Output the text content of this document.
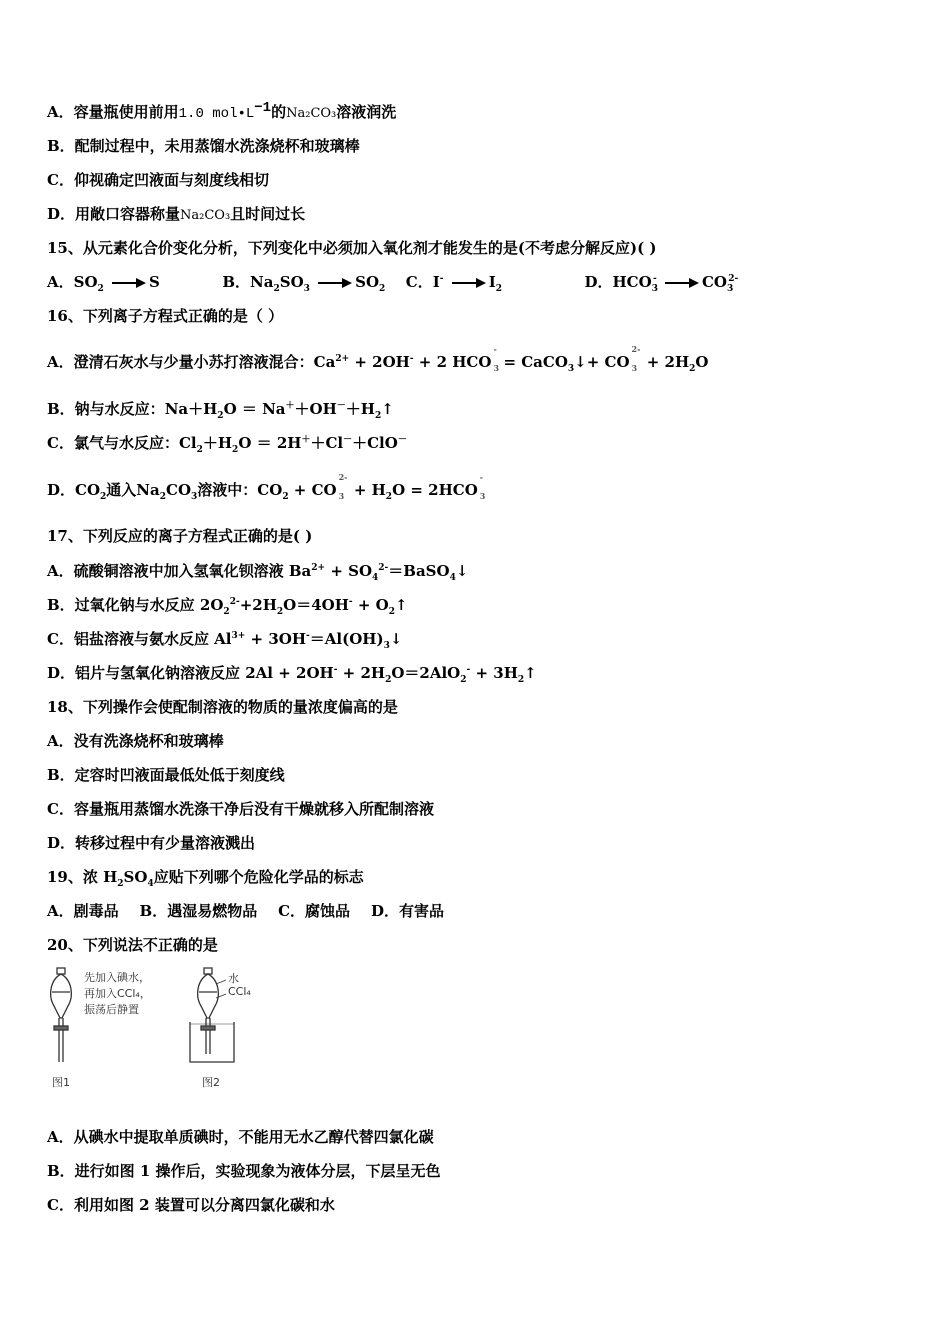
A．容量瓶使用前用1.0 $mol•L^{-1}$的Na₂CO₃溶液润洗
B．配制过程中，未用蒸馏水洗涤烧杯和玻璃棒
C．仰视确定凹液面与刻度线相切
D．用敞口容器称量Na₂CO₃且时间过长
15、从元素化合价变化分析，下列变化中必须加入氧化剂才能发生的是(不考虑分解反应)( )
A．$SO_2 \to S$	B．$Na_2SO_3 \to SO_2$ C．$I^- \to I_2$	D．$HCO_3^- \to CO_3^{2-}$
16、下列离子方程式正确的是（ ）
A．澄清石灰水与少量小苏打溶液混合：$Ca^{2+} + 2OH^- + 2$ HCO
-
3 = CaCO$_3$↓+ CO
2-
$3 + 2H_2O$
B．钠与水反应：$Na+H_2O$ ＝ $Na^++OH^-+H_2↑$
C．氯气与水反应：$Cl_2+H_2O = 2H^++Cl^-+ClO^-$
D．$CO_2$通入$Na_2CO_3$溶液中：$CO_2$ + CO
2-
$3 + H_2O = 2HCO$
-
3
17、下列反应的离子方程式正确的是( )
A．硫酸铜溶液中加入氢氧化钡溶液 $Ba^{2+}$ + $SO_4^{2-}=BaSO_4↓$
B．过氧化钠与水反应 $2O_2^{2-}+2H_2O=4OH^-$ + $O_2↑$
C．铝盐溶液与氨水反应 $Al^{3+}$ + $3OH^-=Al(OH)_3↓$
D．铝片与氢氧化钠溶液反应 $2Al + 2OH^- + 2H_2O=2AlO_2^-$ + $3H_2↑$
18、下列操作会使配制溶液的物质的量浓度偏高的是
A．没有洗涤烧杯和玻璃棒
B．定容时凹液面最低处低于刻度线
C．容量瓶用蒸馏水洗涤干净后没有干燥就移入所配制溶液
D．转移过程中有少量溶液溅出
19、浓 $H_2SO_4$应贴下列哪个危险化学品的标志
A．剧毒品 B．遇湿易燃物品 C．腐蚀品 D．有害品
20、下列说法不正确的是
先加入碘水，
再加入CCl₄，
振荡后静置
水
CCl₄
图1	图2
A．从碘水中提取单质碘时，不能用无水乙醇代替四氯化碳
B．进行如图 1 操作后，实验现象为液体分层，下层呈无色
C．利用如图 2 装置可以分离四氯化碳和水
